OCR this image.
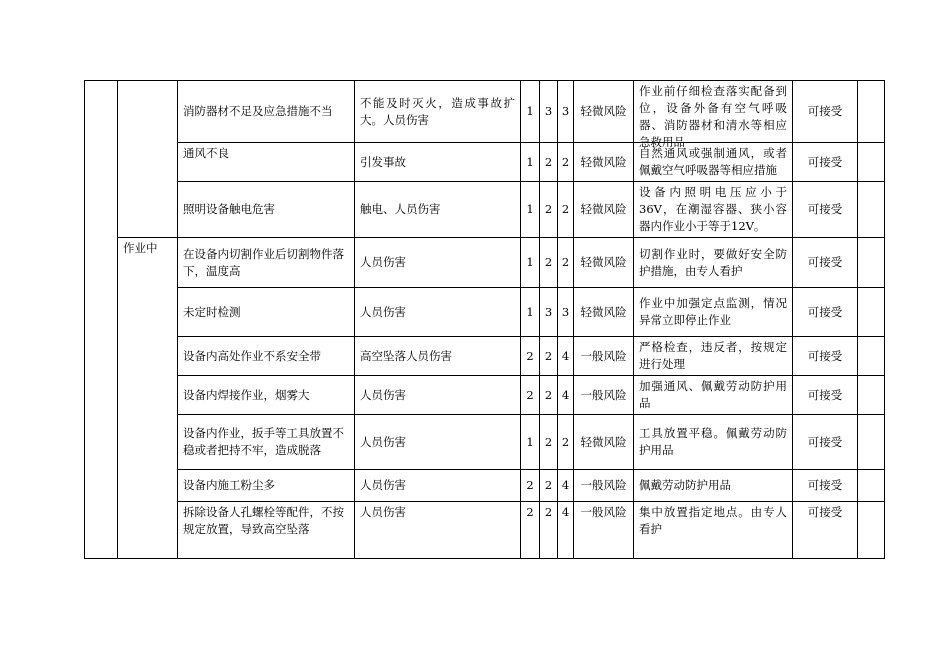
		消防器材不足及应急措施不当	不能及时灭火，造成事故扩大。人员伤害	1	3	3	轻微风险	作业前仔细检查落实配备到位，设备外备有空气呼吸器、消防器材和清水等相应急救用品	可接受	
		通风不良	引发事故	1	2	2	轻微风险	自然通风或强制通风，或者佩戴空气呼吸器等相应措施	可接受	
		照明设备触电危害	触电、人员伤害	1	2	2	轻微风险	设备内照明电压应小于36V，在潮湿容器、狭小容器内作业小于等于12V。	可接受	
	作业中	在设备内切割作业后切割物件落下，温度高	人员伤害	1	2	2	轻微风险	切割作业时，要做好安全防护措施，由专人看护	可接受	
		未定时检测	人员伤害	1	3	3	轻微风险	作业中加强定点监测，情况异常立即停止作业	可接受	
		设备内高处作业不系安全带	高空坠落人员伤害	2	2	4	一般风险	严格检查，违反者，按规定进行处理	可接受	
		设备内焊接作业，烟雾大	人员伤害	2	2	4	一般风险	加强通风、佩戴劳动防护用品	可接受	
		设备内作业，扳手等工具放置不稳或者把持不牢，造成脱落	人员伤害	1	2	2	轻微风险	工具放置平稳。佩戴劳动防护用品	可接受	
		设备内施工粉尘多	人员伤害	2	2	4	一般风险	佩戴劳动防护用品	可接受	
		拆除设备人孔螺栓等配件，不按规定放置，导致高空坠落	人员伤害	2	2	4	一般风险	集中放置指定地点。由专人看护	可接受	
